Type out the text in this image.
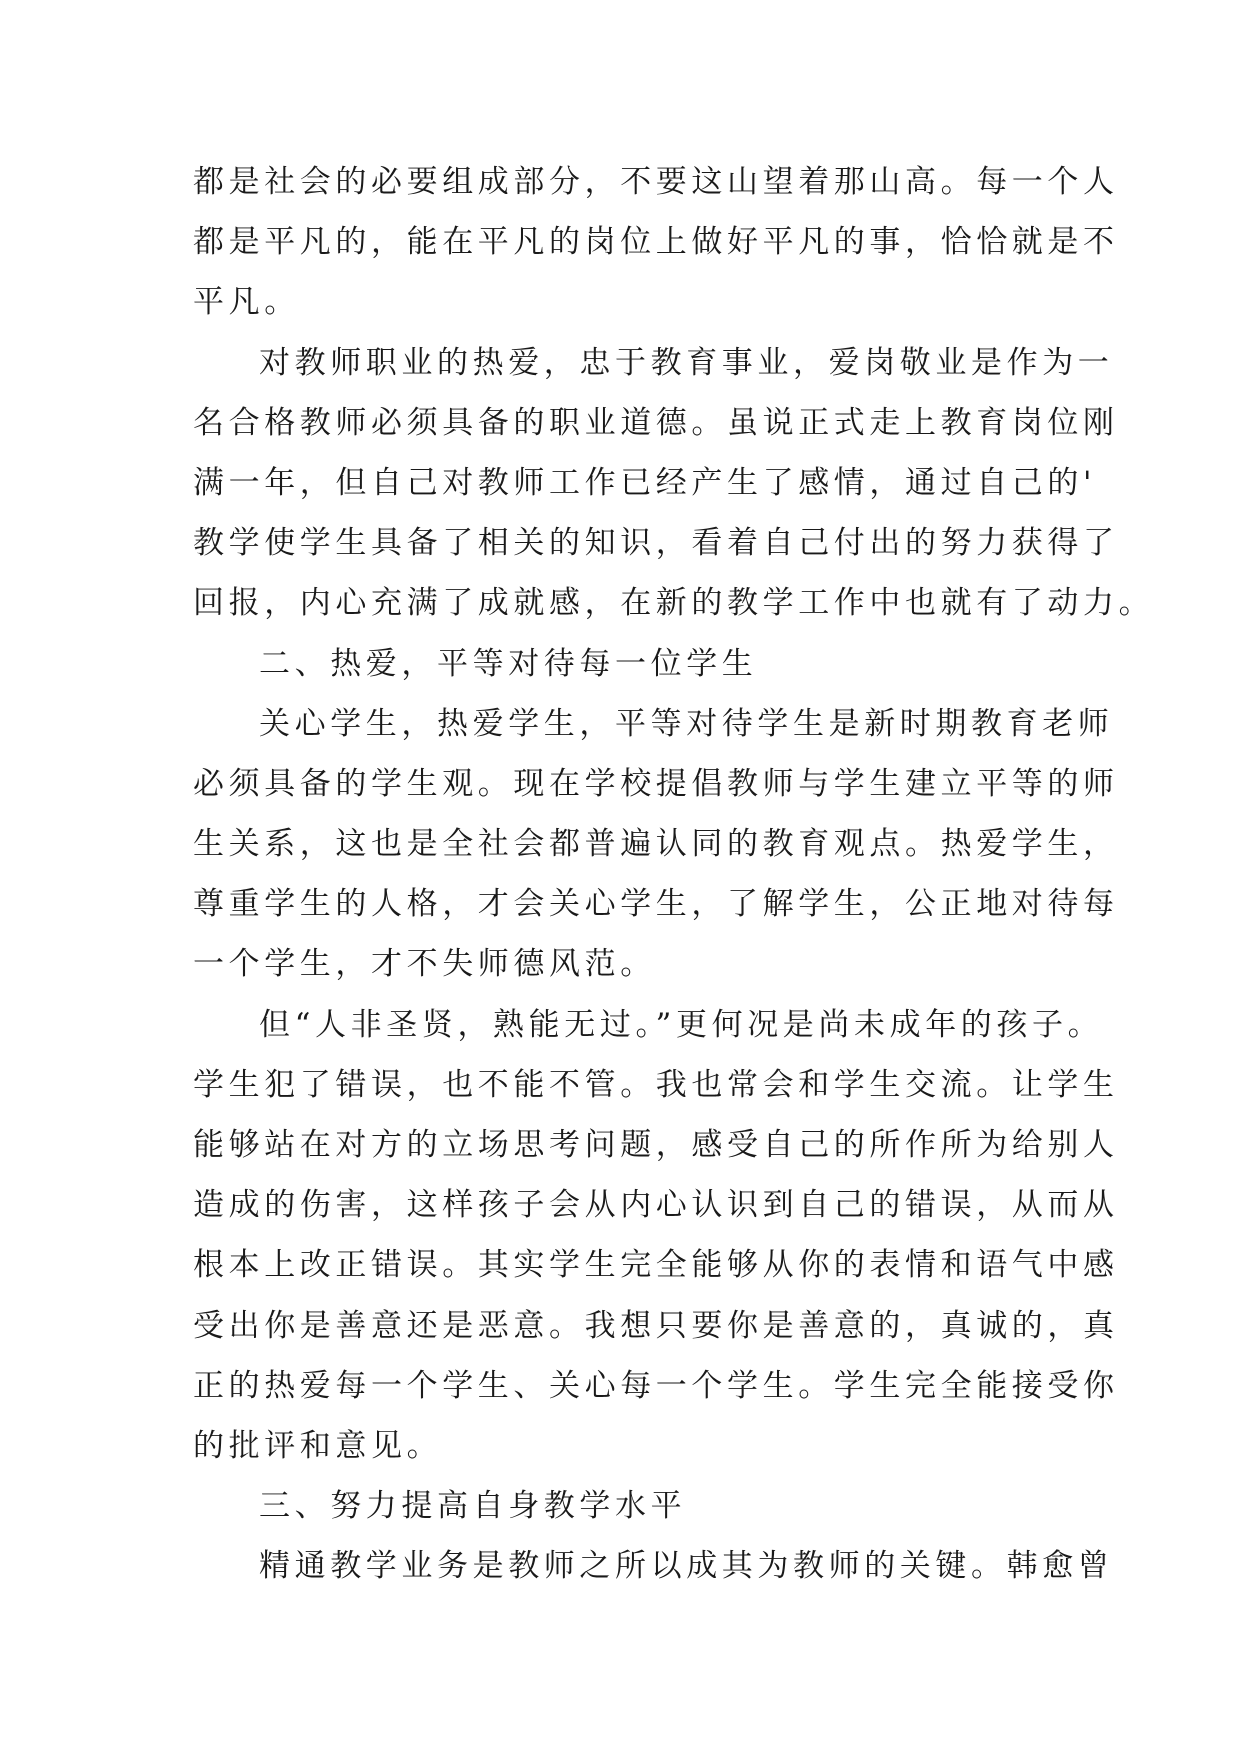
都是社会的必要组成部分，不要这山望着那山高。每一个人
都是平凡的，能在平凡的岗位上做好平凡的事，恰恰就是不
平凡。
对教师职业的热爱，忠于教育事业，爱岗敬业是作为一
名合格教师必须具备的职业道德。虽说正式走上教育岗位刚
满一年，但自己对教师工作已经产生了感情，通过自己的'
教学使学生具备了相关的知识，看着自己付出的努力获得了
回报，内心充满了成就感，在新的教学工作中也就有了动力。
二、热爱，平等对待每一位学生
关心学生，热爱学生，平等对待学生是新时期教育老师
必须具备的学生观。现在学校提倡教师与学生建立平等的师
生关系，这也是全社会都普遍认同的教育观点。热爱学生，
尊重学生的人格，才会关心学生，了解学生，公正地对待每
一个学生，才不失师德风范。
但“人非圣贤，熟能无过。”更何况是尚未成年的孩子。
学生犯了错误，也不能不管。我也常会和学生交流。让学生
能够站在对方的立场思考问题，感受自己的所作所为给别人
造成的伤害，这样孩子会从内心认识到自己的错误，从而从
根本上改正错误。其实学生完全能够从你的表情和语气中感
受出你是善意还是恶意。我想只要你是善意的，真诚的，真
正的热爱每一个学生、关心每一个学生。学生完全能接受你
的批评和意见。
三、努力提高自身教学水平
精通教学业务是教师之所以成其为教师的关键。韩愈曾
